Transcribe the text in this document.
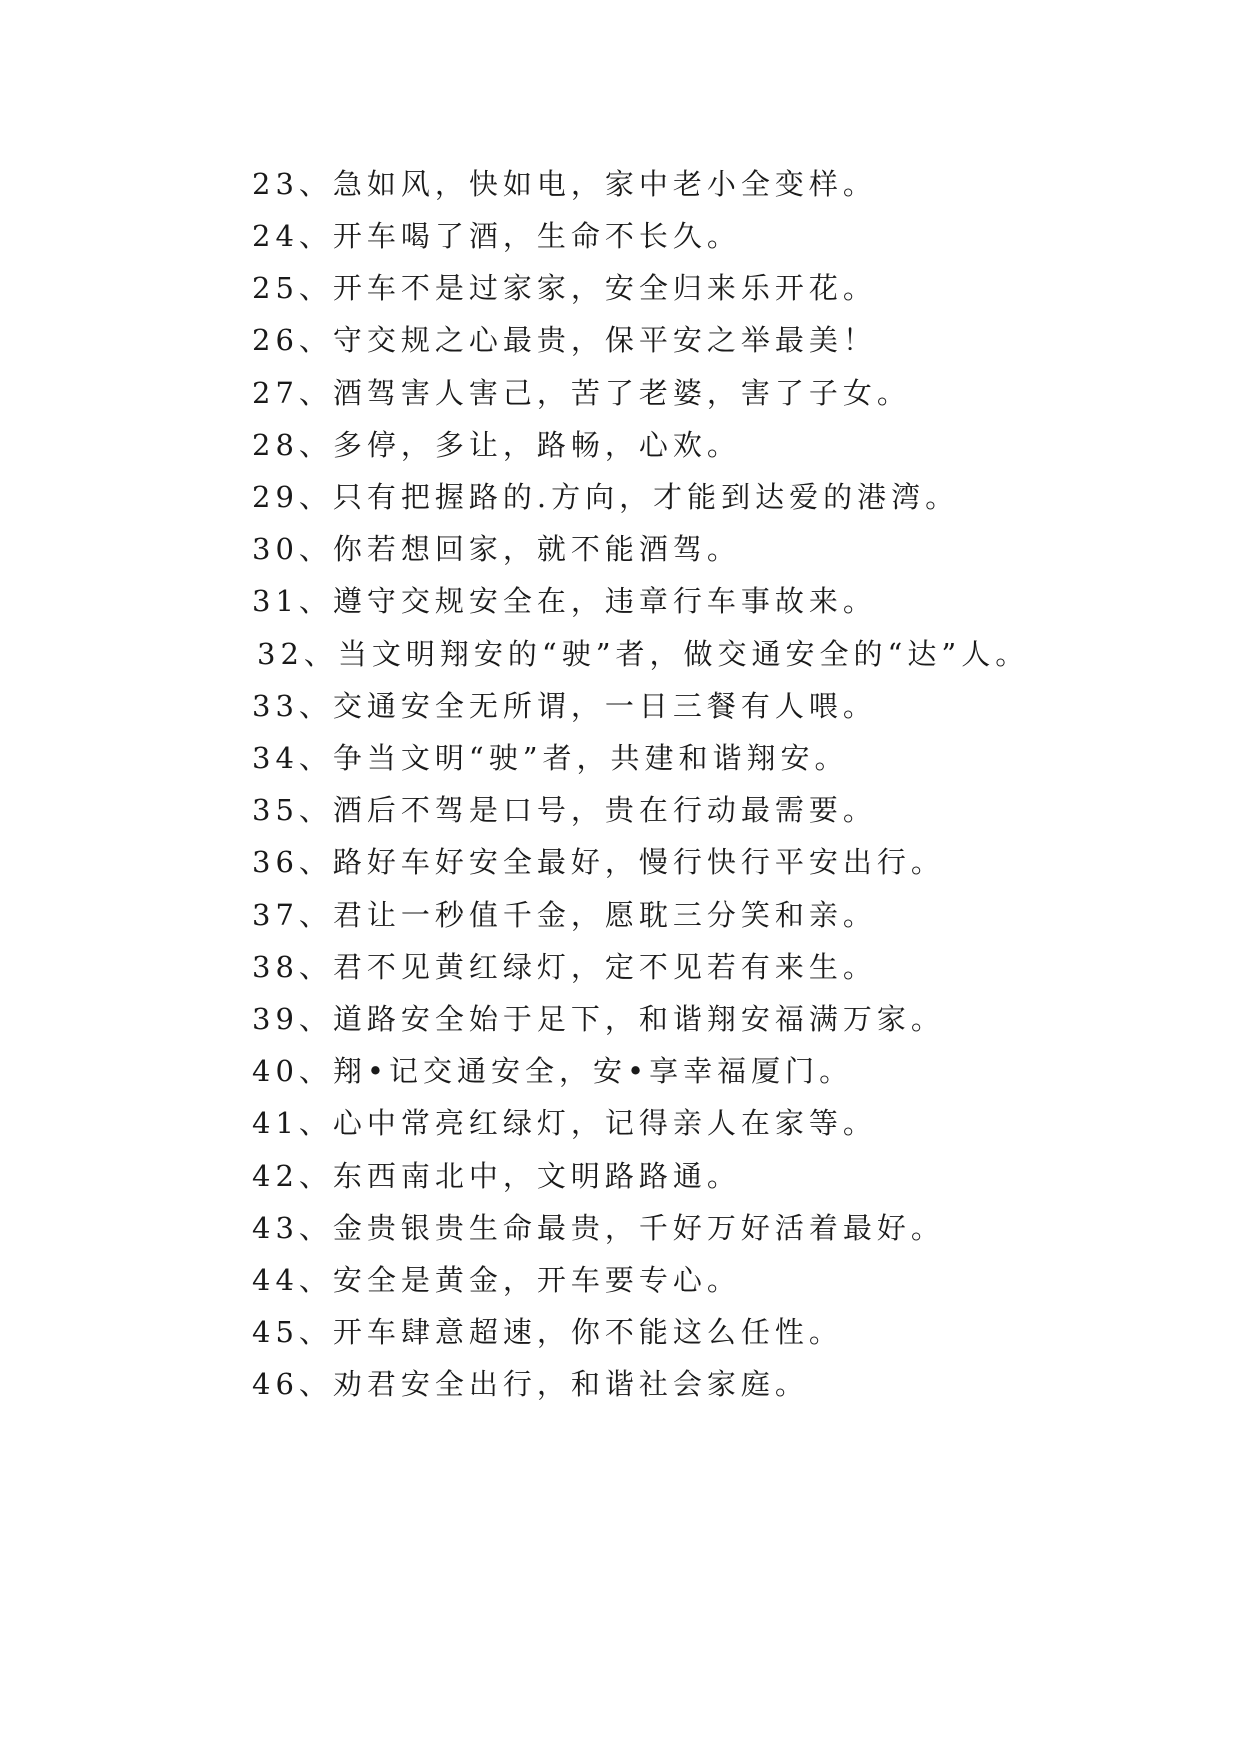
23、急如风，快如电，家中老小全变样。
24、开车喝了酒，生命不长久。
25、开车不是过家家，安全归来乐开花。
26、守交规之心最贵，保平安之举最美！
27、酒驾害人害己，苦了老婆，害了子女。
28、多停，多让，路畅，心欢。
29、只有把握路的.方向，才能到达爱的港湾。
30、你若想回家，就不能酒驾。
31、遵守交规安全在，违章行车事故来。
32、当文明翔安的“驶”者，做交通安全的“达”人。
33、交通安全无所谓，一日三餐有人喂。
34、争当文明“驶”者，共建和谐翔安。
35、酒后不驾是口号，贵在行动最需要。
36、路好车好安全最好，慢行快行平安出行。
37、君让一秒值千金，愿耽三分笑和亲。
38、君不见黄红绿灯，定不见若有来生。
39、道路安全始于足下，和谐翔安福满万家。
40、翔•记交通安全，安•享幸福厦门。
41、心中常亮红绿灯，记得亲人在家等。
42、东西南北中，文明路路通。
43、金贵银贵生命最贵，千好万好活着最好。
44、安全是黄金，开车要专心。
45、开车肆意超速，你不能这么任性。
46、劝君安全出行，和谐社会家庭。
